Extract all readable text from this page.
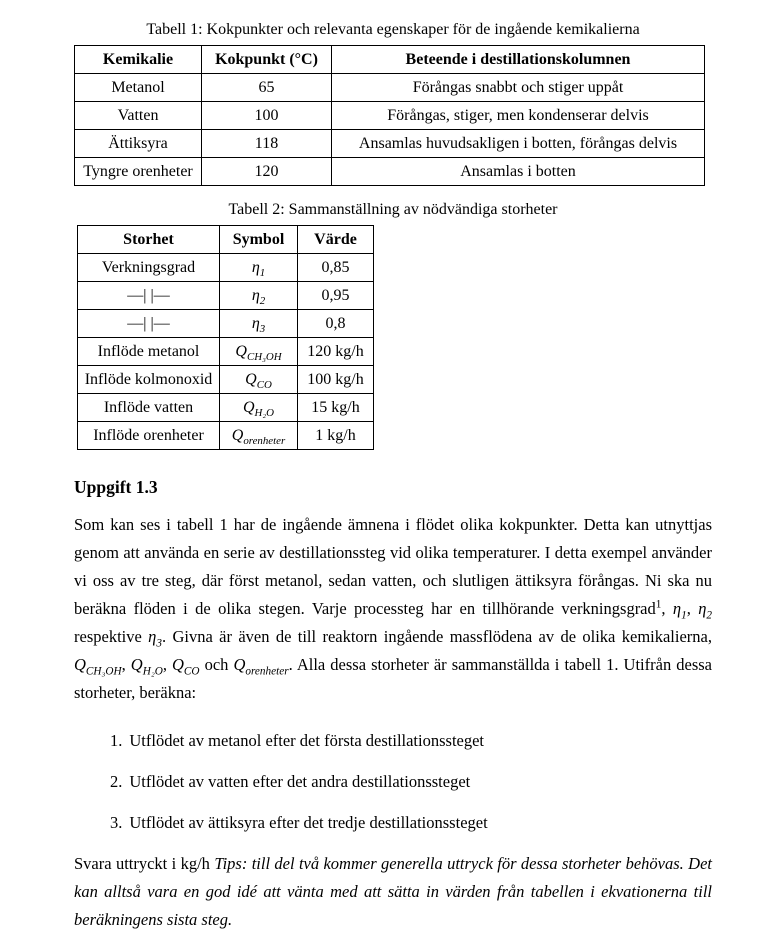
Tabell 1: Kokpunkter och relevanta egenskaper för de ingående kemikalierna
Kemikalie	Kokpunkt (°C)	Beteende i destillationskolumnen
Metanol	65	Förångas snabbt och stiger uppåt
Vatten	100	Förångas, stiger, men kondenserar delvis
Ättiksyra	118	Ansamlas huvudsakligen i botten, förångas delvis
Tyngre orenheter	120	Ansamlas i botten
Tabell 2: Sammanställning av nödvändiga storheter
Storhet	Symbol	Värde
Verkningsgrad	$\eta_1$	0,85
—| |—	$\eta_2$	0,95
—| |—	$\eta_3$	0,8
Inflöde metanol	$Q_{CH_3OH}$	120 kg/h
Inflöde kolmonoxid	$Q_{CO}$	100 kg/h
Inflöde vatten	$Q_{H_2O}$	15 kg/h
Inflöde orenheter	$Q_{orenheter}$	1 kg/h
Uppgift 1.3

Som kan ses i tabell 1 har de ingående ämnena i flödet olika kokpunkter. Detta kan utnyttjas genom att använda en serie av destillationssteg vid olika temperaturer. I detta exempel använder vi oss av tre steg, där först metanol, sedan vatten, och slutligen ättiksyra förångas. Ni ska nu beräkna flöden i de olika stegen. Varje processteg har en tillhörande verkningsgrad$^1$, $\eta_1$, $\eta_2$ respektive $\eta_3$. Givna är även de till reaktorn ingående massflödena av de olika kemikalierna, $Q_{CH_3OH}$, $Q_{H_2O}$, $Q_{CO}$ och $Q_{orenheter}$. Alla dessa storheter är sammanställda i tabell 1. Utifrån dessa storheter, beräkna:

1. Utflödet av metanol efter det första destillationssteget
2. Utflödet av vatten efter det andra destillationssteget
3. Utflödet av ättiksyra efter det tredje destillationssteget

Svara uttryckt i kg/h Tips: till del två kommer generella uttryck för dessa storheter behövas. Det kan alltså vara en god idé att vänta med att sätta in värden från tabellen i ekvationerna till beräkningens sista steg.
